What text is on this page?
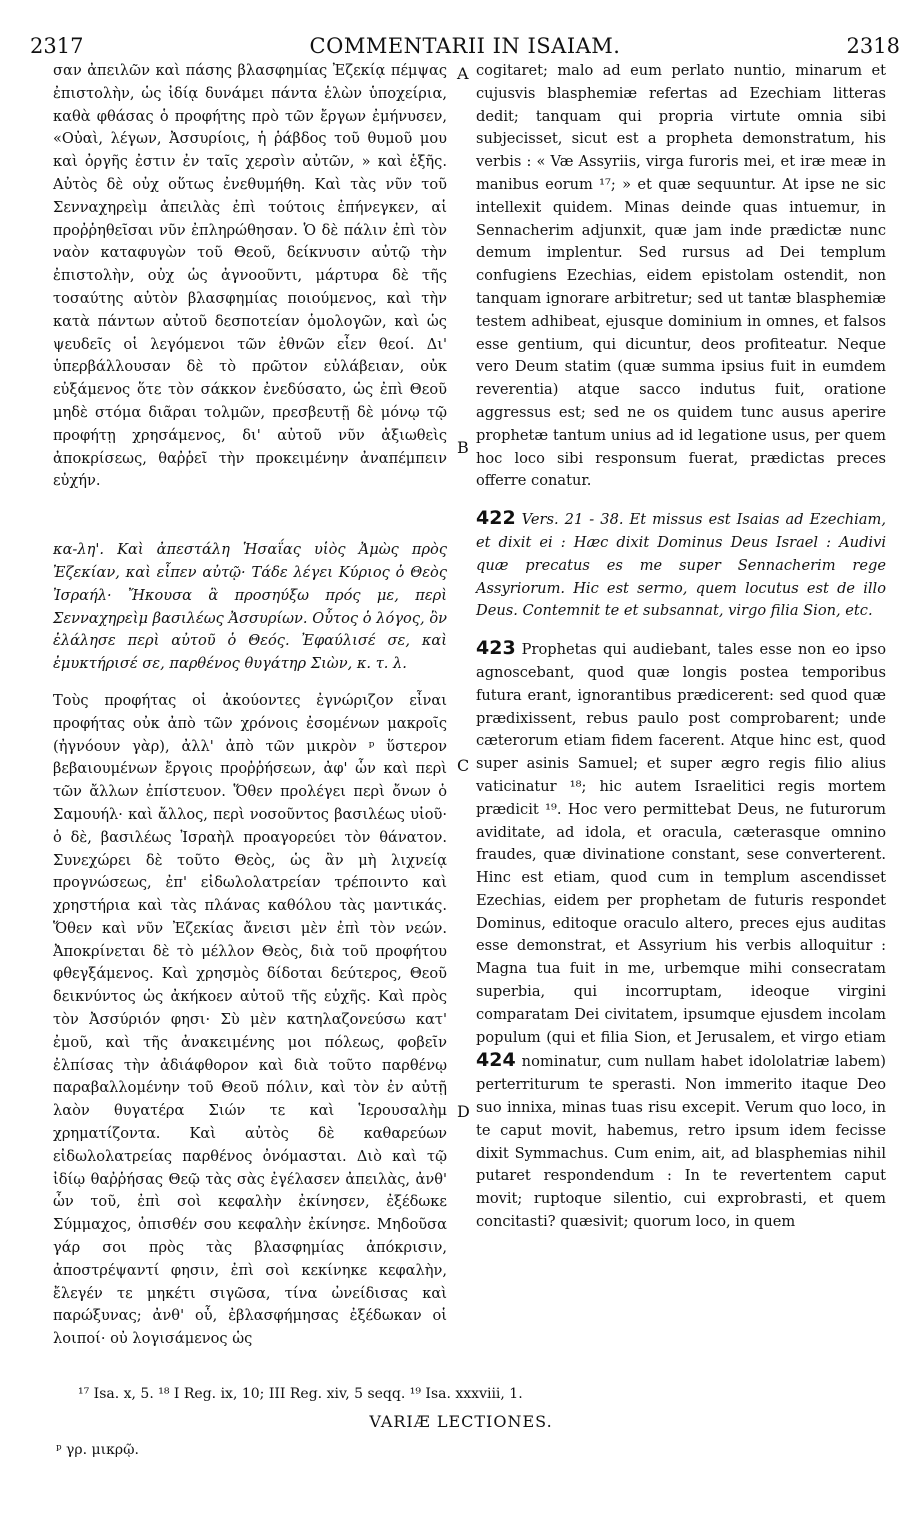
2317	COMMENTARII IN ISAIAM.	2318

σαν ἀπειλῶν καὶ πάσης βλασφημίας Ἐζεκίᾳ πέμψας ἐπιστολὴν, ὡς ἰδίᾳ δυνάμει πάντα ἑλὼν ὑποχείρια, καθὰ φθάσας ὁ προφήτης πρὸ τῶν ἔργων ἐμήνυσεν, «Οὐαὶ, λέγων, Ἀσσυρίοις, ἡ ῥάβδος τοῦ θυμοῦ μου καὶ ὀργῆς ἐστιν ἐν ταῖς χερσὶν αὐτῶν, » καὶ ἑξῆς. Αὐτὸς δὲ οὐχ οὕτως ἐνεθυμήθη. Καὶ τὰς νῦν τοῦ Σενναχηρεὶμ ἀπειλὰς ἐπὶ τούτοις ἐπήνεγκεν, αἱ προῤῥηθεῖσαι νῦν ἐπληρώθησαν. Ὁ δὲ πάλιν ἐπὶ τὸν ναὸν καταφυγὼν τοῦ Θεοῦ, δείκνυσιν αὐτῷ τὴν ἐπιστολὴν, οὐχ ὡς ἀγνοοῦντι, μάρτυρα δὲ τῆς τοσαύτης αὐτὸν βλασφημίας ποιούμενος, καὶ τὴν κατὰ πάντων αὐτοῦ δεσποτείαν ὁμολογῶν, καὶ ὡς ψευδεῖς οἱ λεγόμενοι τῶν ἐθνῶν εἶεν θεοί. Δι' ὑπερβάλλουσαν δὲ τὸ πρῶτον εὐλάβειαν, οὐκ εὐξάμενος ὅτε τὸν σάκκον ἐνεδύσατο, ὡς ἐπὶ Θεοῦ μηδὲ στόμα διᾶραι τολμῶν, πρεσβευτῇ δὲ μόνῳ τῷ προφήτῃ χρησάμενος, δι' αὐτοῦ νῦν ἀξιωθεὶς ἀποκρίσεως, θαῤῥεῖ τὴν προκειμένην ἀναπέμπειν εὐχήν.

κα-λη'. Καὶ ἀπεστάλη Ἡσαΐας υἱὸς Ἀμὼς πρὸς Ἐζεκίαν, καὶ εἶπεν αὐτῷ· Τάδε λέγει Κύριος ὁ Θεὸς Ἰσραήλ· Ἤκουσα ἃ προσηύξω πρός με, περὶ Σενναχηρεὶμ βασιλέως Ἀσσυρίων. Οὗτος ὁ λόγος, ὃν ἐλάλησε περὶ αὐτοῦ ὁ Θεός. Ἐφαύλισέ σε, καὶ ἐμυκτήρισέ σε, παρθένος θυγάτηρ Σιὼν, κ. τ. λ.

Τοὺς προφήτας οἱ ἀκούοντες ἐγνώριζον εἶναι προφήτας οὐκ ἀπὸ τῶν χρόνοις ἐσομένων μακροῖς (ἠγνόουν γὰρ), ἀλλ' ἀπὸ τῶν μικρὸν ᵖ ὕστερον βεβαιουμένων ἔργοις προῤῥήσεων, ἀφ' ὧν καὶ περὶ τῶν ἄλλων ἐπίστευον. Ὅθεν προλέγει περὶ ὄνων ὁ Σαμουήλ· καὶ ἄλλος, περὶ νοσοῦντος βασιλέως υἱοῦ· ὁ δὲ, βασιλέως Ἰσραὴλ προαγορεύει τὸν θάνατον. Συνεχώρει δὲ τοῦτο Θεὸς, ὡς ἂν μὴ λιχνείᾳ προγνώσεως, ἐπ' εἰδωλολατρείαν τρέποιντο καὶ χρηστήρια καὶ τὰς πλάνας καθόλου τὰς μαντικάς. Ὅθεν καὶ νῦν Ἐζεκίας ἄνεισι μὲν ἐπὶ τὸν νεών. Ἀποκρίνεται δὲ τὸ μέλλον Θεὸς, διὰ τοῦ προφήτου φθεγξάμενος. Καὶ χρησμὸς δίδοται δεύτερος, Θεοῦ δεικνύντος ὡς ἀκήκοεν αὐτοῦ τῆς εὐχῆς. Καὶ πρὸς τὸν Ἀσσύριόν φησι· Σὺ μὲν κατηλαζονεύσω κατ' ἐμοῦ, καὶ τῆς ἀνακειμένης μοι πόλεως, φοβεῖν ἐλπίσας τὴν ἀδιάφθορον καὶ διὰ τοῦτο παρθένῳ παραβαλλομένην τοῦ Θεοῦ πόλιν, καὶ τὸν ἐν αὐτῇ λαὸν θυγατέρα Σιών τε καὶ Ἱερουσαλὴμ χρηματίζοντα. Καὶ αὐτὸς δὲ καθαρεύων εἰδωλολατρείας παρθένος ὀνόμασται. Διὸ καὶ τῷ ἰδίῳ θαῤῥήσας Θεῷ τὰς σὰς ἐγέλασεν ἀπειλὰς, ἀνθ' ὧν τοῦ, ἐπὶ σοὶ κεφαλὴν ἐκίνησεν, ἐξέδωκε Σύμμαχος, ὀπισθέν σου κεφαλὴν ἐκίνησε. Μηδοῦσα γάρ σοι πρὸς τὰς βλασφημίας ἀπόκρισιν, ἀποστρέψαντί φησιν, ἐπὶ σοὶ κεκίνηκε κεφαλὴν, ἔλεγέν τε μηκέτι σιγῶσα, τίνα ὠνείδισας καὶ παρώξυνας; ἀνθ' οὗ, ἐβλασφήμησας ἐξέδωκαν οἱ λοιποί· οὐ λογισάμενος ὡς

A
B
C
D

cogitaret; malo ad eum perlato nuntio, minarum et cujusvis blasphemiæ refertas ad Ezechiam litteras dedit; tanquam qui propria virtute omnia sibi subjecisset, sicut est a propheta demonstratum, his verbis : « Væ Assyriis, virga furoris mei, et iræ meæ in manibus eorum ¹⁷; » et quæ sequuntur. At ipse ne sic intellexit quidem. Minas deinde quas intuemur, in Sennacherim adjunxit, quæ jam inde prædictæ nunc demum implentur. Sed rursus ad Dei templum confugiens Ezechias, eidem epistolam ostendit, non tanquam ignorare arbitretur; sed ut tantæ blasphemiæ testem adhibeat, ejusque dominium in omnes, et falsos esse gentium, qui dicuntur, deos profiteatur. Neque vero Deum statim (quæ summa ipsius fuit in eumdem reverentia) atque sacco indutus fuit, oratione aggressus est; sed ne os quidem tunc ausus aperire prophetæ tantum unius ad id legatione usus, per quem hoc loco sibi responsum fuerat, prædictas preces offerre conatur.

422 Vers. 21 - 38. Et missus est Isaias ad Ezechiam, et dixit ei : Hæc dixit Dominus Deus Israel : Audivi quæ precatus es me super Sennacherim rege Assyriorum. Hic est sermo, quem locutus est de illo Deus. Contemnit te et subsannat, virgo filia Sion, etc.

423 Prophetas qui audiebant, tales esse non eo ipso agnoscebant, quod quæ longis postea temporibus futura erant, ignorantibus prædicerent: sed quod quæ prædixissent, rebus paulo post comprobarent; unde cæterorum etiam fidem facerent. Atque hinc est, quod super asinis Samuel; et super ægro regis filio alius vaticinatur ¹⁸; hic autem Israelitici regis mortem prædicit ¹⁹. Hoc vero permittebat Deus, ne futurorum aviditate, ad idola, et oracula, cæterasque omnino fraudes, quæ divinatione constant, sese converterent. Hinc est etiam, quod cum in templum ascendisset Ezechias, eidem per prophetam de futuris respondet Dominus, editoque oraculo altero, preces ejus auditas esse demonstrat, et Assyrium his verbis alloquitur : Magna tua fuit in me, urbemque mihi consecratam superbia, qui incorruptam, ideoque virgini comparatam Dei civitatem, ipsumque ejusdem incolam populum (qui et filia Sion, et Jerusalem, et virgo etiam 424 nominatur, cum nullam habet idololatriæ labem) perterriturum te sperasti. Non immerito itaque Deo suo innixa, minas tuas risu excepit. Verum quo loco, in te caput movit, habemus, retro ipsum idem fecisse dixit Symmachus. Cum enim, ait, ad blasphemias nihil putaret respondendum : In te revertentem caput movit; ruptoque silentio, cui exprobrasti, et quem concitasti? quæsivit; quorum loco, in quem

¹⁷ Isa. x, 5. ¹⁸ I Reg. ix, 10; III Reg. xiv, 5 seqq. ¹⁹ Isa. xxxviii, 1.
VARIÆ LECTIONES.
ᵖ γρ. μικρῷ.
